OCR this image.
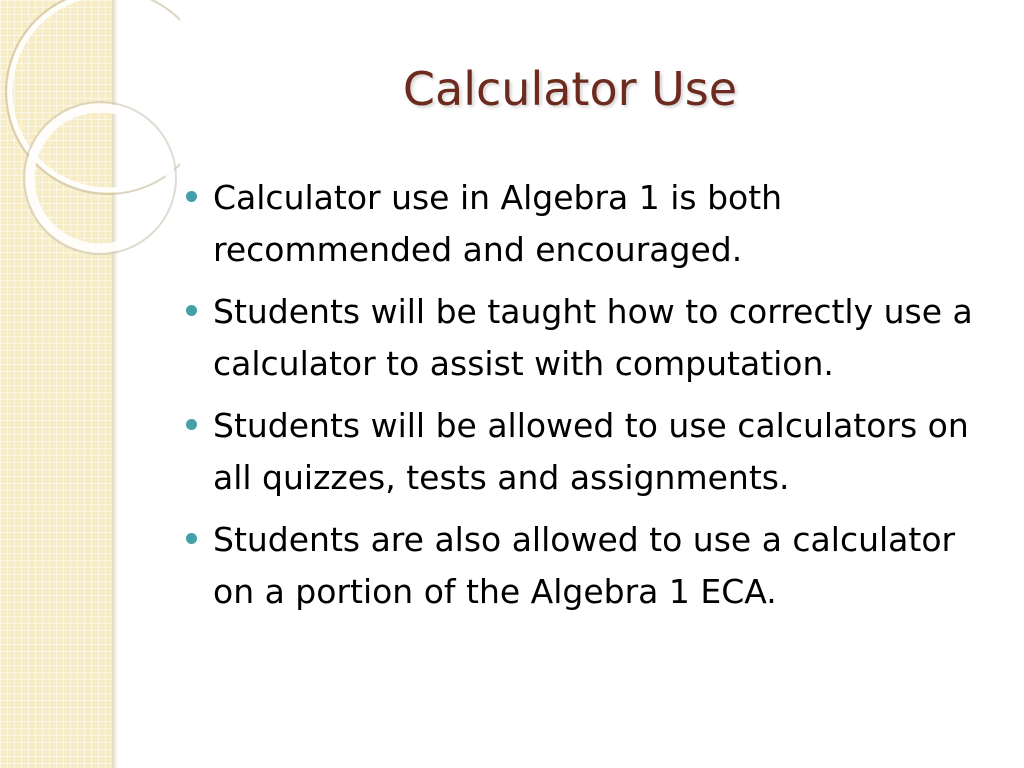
Calculator Use
Calculator use in Algebra 1 is both recommended and encouraged.
Students will be taught how to correctly use a calculator to assist with computation.
Students will be allowed to use calculators on all quizzes, tests and assignments.
Students are also allowed to use a calculator on a portion of the Algebra 1 ECA.
